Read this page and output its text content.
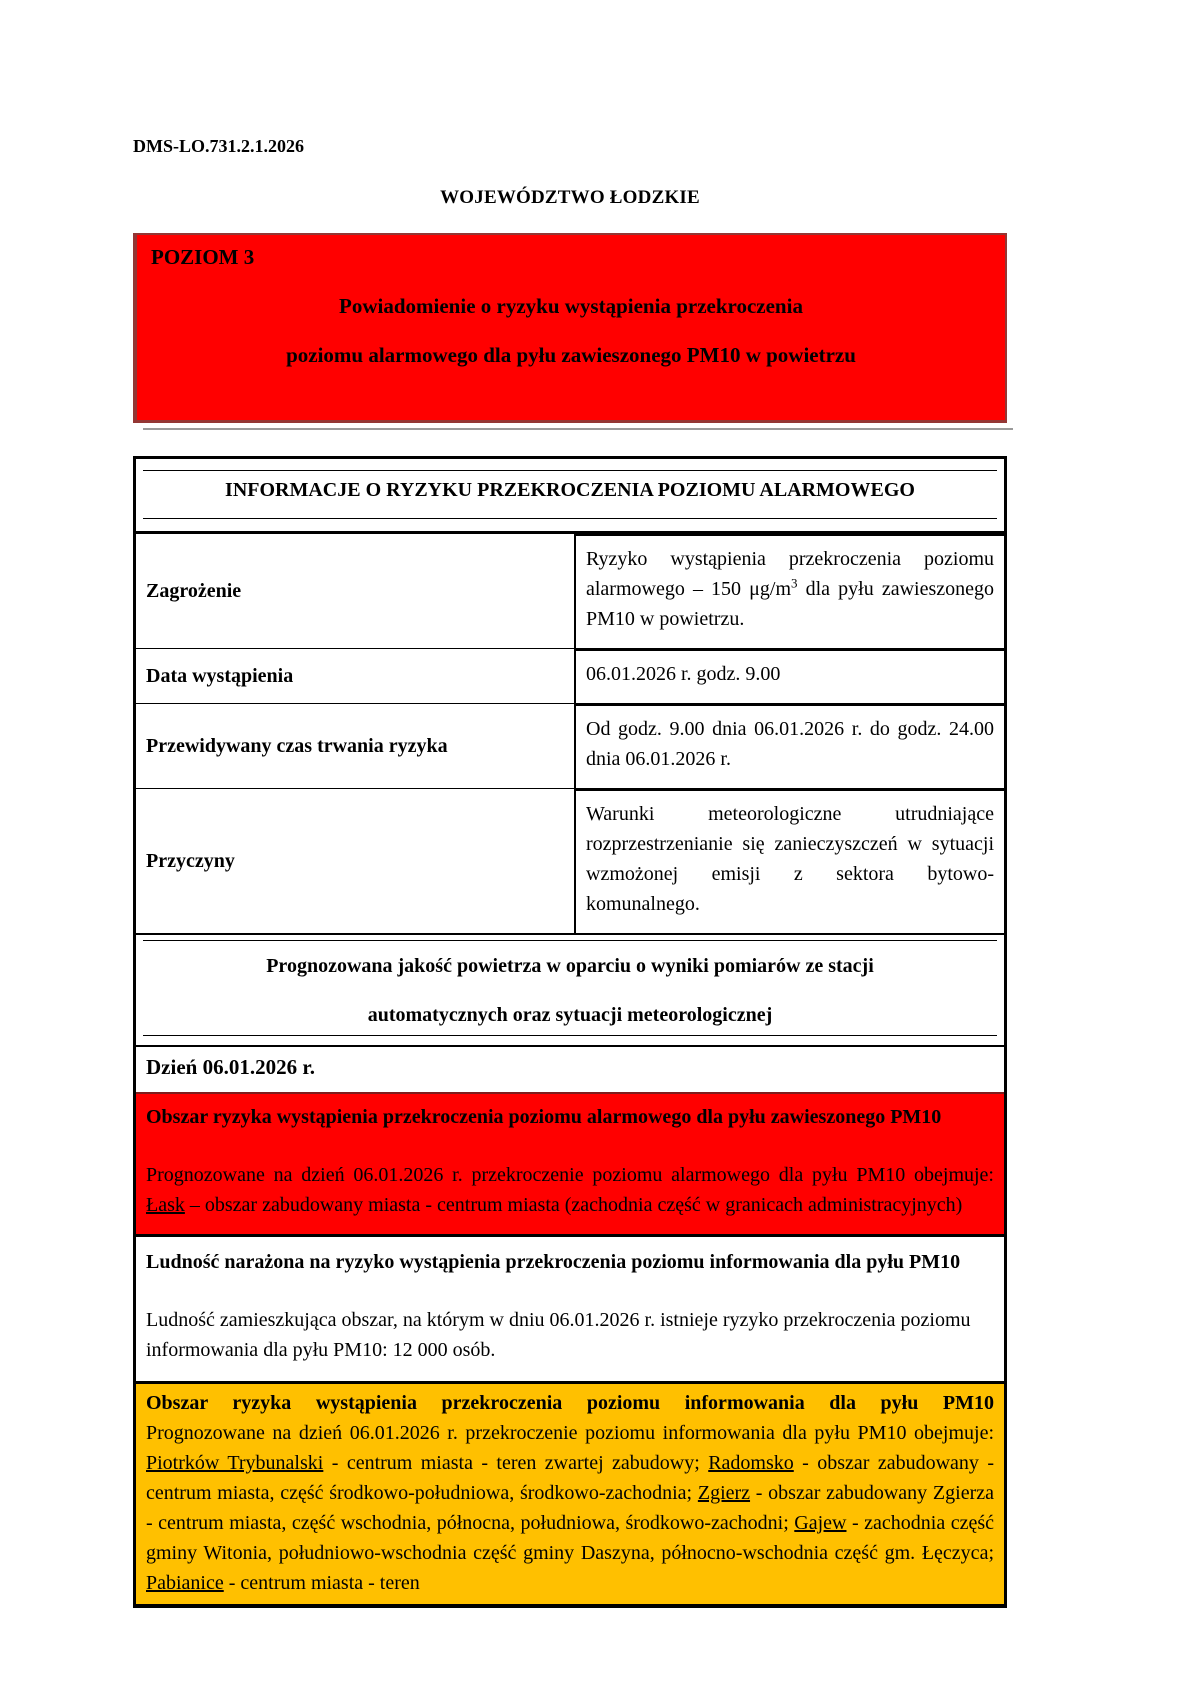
DMS-LO.731.2.1.2026
WOJEWÓDZTWO ŁODZKIE
POZIOM 3
Powiadomienie o ryzyku wystąpienia przekroczenia
poziomu alarmowego dla pyłu zawieszonego PM10 w powietrzu
INFORMACJE O RYZYKU PRZEKROCZENIA POZIOMU ALARMOWEGO
Zagrożenie
Ryzyko wystąpienia przekroczenia poziomu alarmowego – 150 $\mu g/m^3$ dla pyłu zawieszonego PM10 w powietrzu.
Data wystąpienia	06.01.2026 r. godz. 9.00
Przewidywany czas trwania ryzyka
Od godz. 9.00 dnia 06.01.2026 r. do godz. 24.00 dnia 06.01.2026 r.
Przyczyny
Warunki meteorologiczne utrudniające rozprzestrzenianie się zanieczyszczeń w sytuacji wzmożonej emisji z sektora bytowo-komunalnego.
Prognozowana jakość powietrza w oparciu o wyniki pomiarów ze stacji
automatycznych oraz sytuacji meteorologicznej
Dzień 06.01.2026 r.
Obszar ryzyka wystąpienia przekroczenia poziomu alarmowego dla pyłu zawieszonego PM10
Prognozowane na dzień 06.01.2026 r. przekroczenie poziomu alarmowego dla pyłu PM10 obejmuje: Łask – obszar zabudowany miasta - centrum miasta (zachodnia część w granicach administracyjnych)
Ludność narażona na ryzyko wystąpienia przekroczenia poziomu informowania dla pyłu PM10
Ludność zamieszkująca obszar, na którym w dniu 06.01.2026 r. istnieje ryzyko przekroczenia poziomu informowania dla pyłu PM10: 12 000 osób.
Obszar ryzyka wystąpienia przekroczenia poziomu informowania dla pyłu PM10
Prognozowane na dzień 06.01.2026 r. przekroczenie poziomu informowania dla pyłu PM10 obejmuje: Piotrków Trybunalski - centrum miasta - teren zwartej zabudowy; Radomsko - obszar zabudowany - centrum miasta, część środkowo-południowa, środkowo-zachodnia; Zgierz - obszar zabudowany Zgierza - centrum miasta, część wschodnia, północna, południowa, środkowo-zachodni; Gajew - zachodnia część gminy Witonia, południowo-wschodnia część gminy Daszyna, północno-wschodnia część gm. Łęczyca; Pabianice - centrum miasta - teren
